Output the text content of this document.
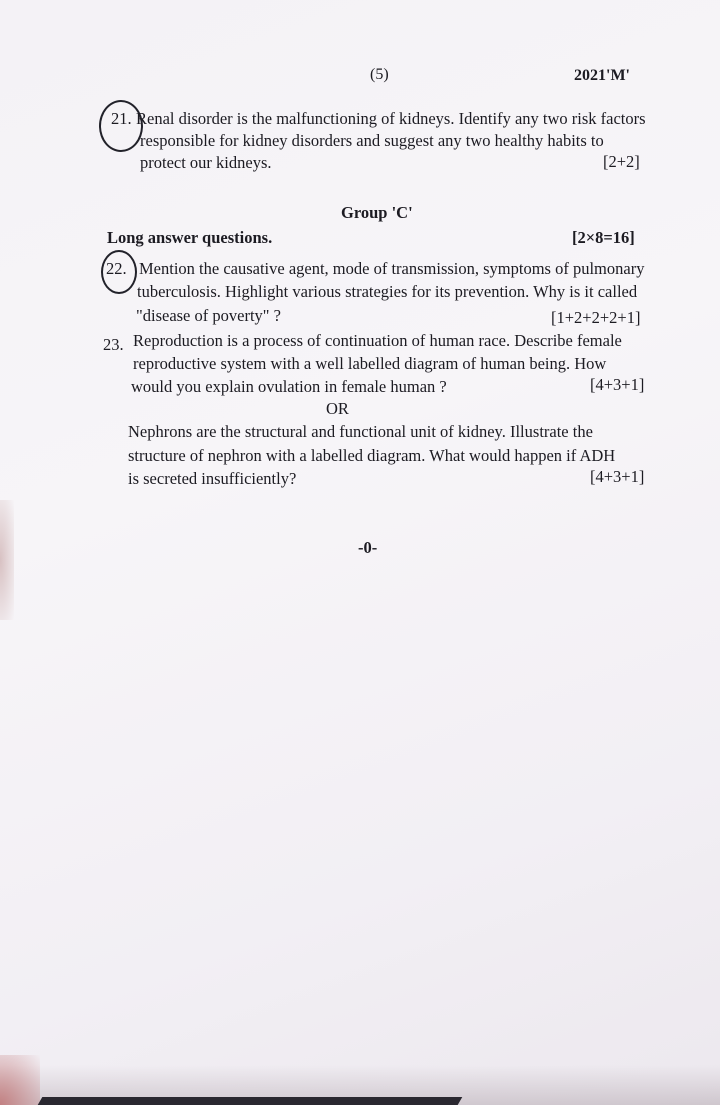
(5)	2021'M'
21. Renal disorder is the malfunctioning of kidneys. Identify any two risk factors
responsible for kidney disorders and suggest any two healthy habits to
protect our kidneys.	[2+2]
Group 'C'
Long answer questions.	[2×8=16]
22. Mention the causative agent, mode of transmission, symptoms of pulmonary
tuberculosis. Highlight various strategies for its prevention. Why is it called
"disease of poverty" ?	[1+2+2+2+1]
23. Reproduction is a process of continuation of human race. Describe female
reproductive system with a well labelled diagram of human being. How
would you explain ovulation in female human ?	[4+3+1]
OR
Nephrons are the structural and functional unit of kidney. Illustrate the
structure of nephron with a labelled diagram. What would happen if ADH
is secreted insufficiently?	[4+3+1]
-0-
